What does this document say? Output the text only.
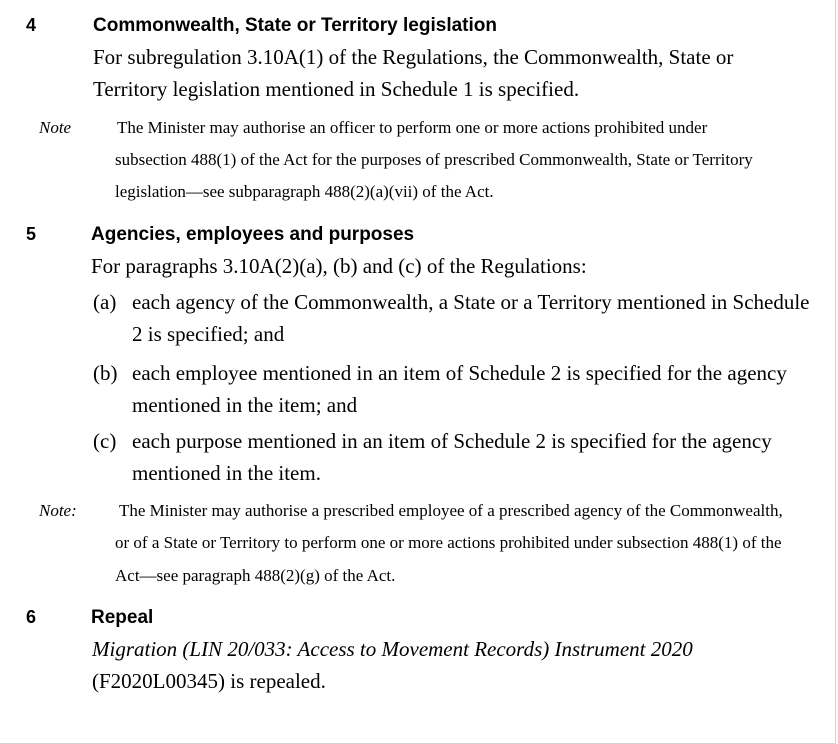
4	Commonwealth, State or Territory legislation
For subregulation 3.10A(1) of the Regulations, the Commonwealth, State or
Territory legislation mentioned in Schedule 1 is specified.
Note	The Minister may authorise an officer to perform one or more actions prohibited under
subsection 488(1) of the Act for the purposes of prescribed Commonwealth, State or Territory
legislation—see subparagraph 488(2)(a)(vii) of the Act.
5	Agencies, employees and purposes
For paragraphs 3.10A(2)(a), (b) and (c) of the Regulations:
(a) each agency of the Commonwealth, a State or a Territory mentioned in Schedule
2 is specified; and
(b) each employee mentioned in an item of Schedule 2 is specified for the agency
mentioned in the item; and
(c) each purpose mentioned in an item of Schedule 2 is specified for the agency
mentioned in the item.
Note: The Minister may authorise a prescribed employee of a prescribed agency of the Commonwealth,
or of a State or Territory to perform one or more actions prohibited under subsection 488(1) of the
Act—see paragraph 488(2)(g) of the Act.
6	Repeal
Migration (LIN 20/033: Access to Movement Records) Instrument 2020
(F2020L00345) is repealed.
